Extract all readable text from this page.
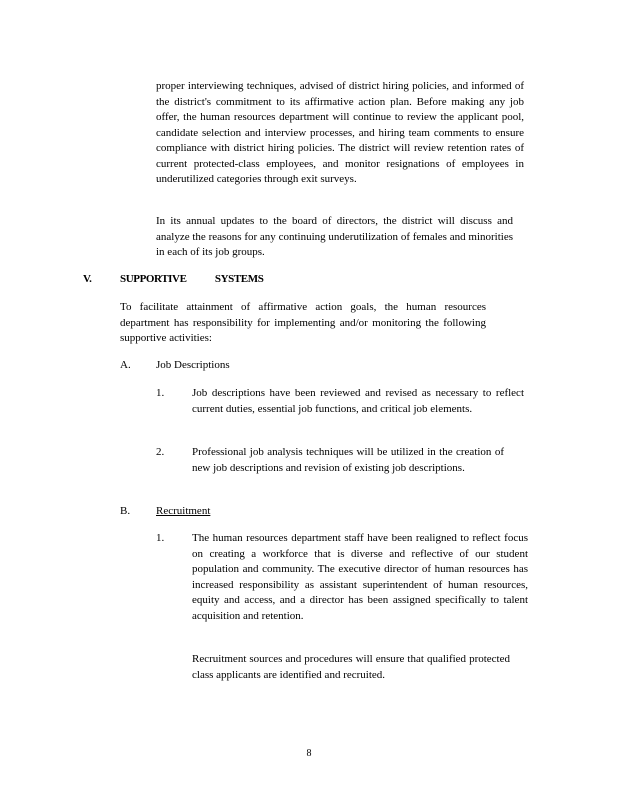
proper interviewing techniques, advised of district hiring policies, and informed of the district's commitment to its affirmative action plan. Before making any job offer, the human resources department will continue to review the applicant pool, candidate selection and interview processes, and hiring team comments to ensure compliance with district hiring policies. The district will review retention rates of current protected-class employees, and monitor resignations of employees in underutilized categories through exit surveys.

In its annual updates to the board of directors, the district will discuss and analyze the reasons for any continuing underutilization of females and minorities in each of its job groups.

V.	SUPPORTIVE SYSTEMS

To facilitate attainment of affirmative action goals, the human resources department has responsibility for implementing and/or monitoring the following supportive activities:

A. Job Descriptions
1.	Job descriptions have been reviewed and revised as necessary to reflect current duties, essential job functions, and critical job elements.

2.	Professional job analysis techniques will be utilized in the creation of new job descriptions and revision of existing job descriptions.

B. Recruitment
1.	The human resources department staff have been realigned to reflect focus on creating a workforce that is diverse and reflective of our student population and community. The executive director of human resources has increased responsibility as assistant superintendent of human resources, equity and access, and a director has been assigned specifically to talent acquisition and retention.

Recruitment sources and procedures will ensure that qualified protected class applicants are identified and recruited.

8
